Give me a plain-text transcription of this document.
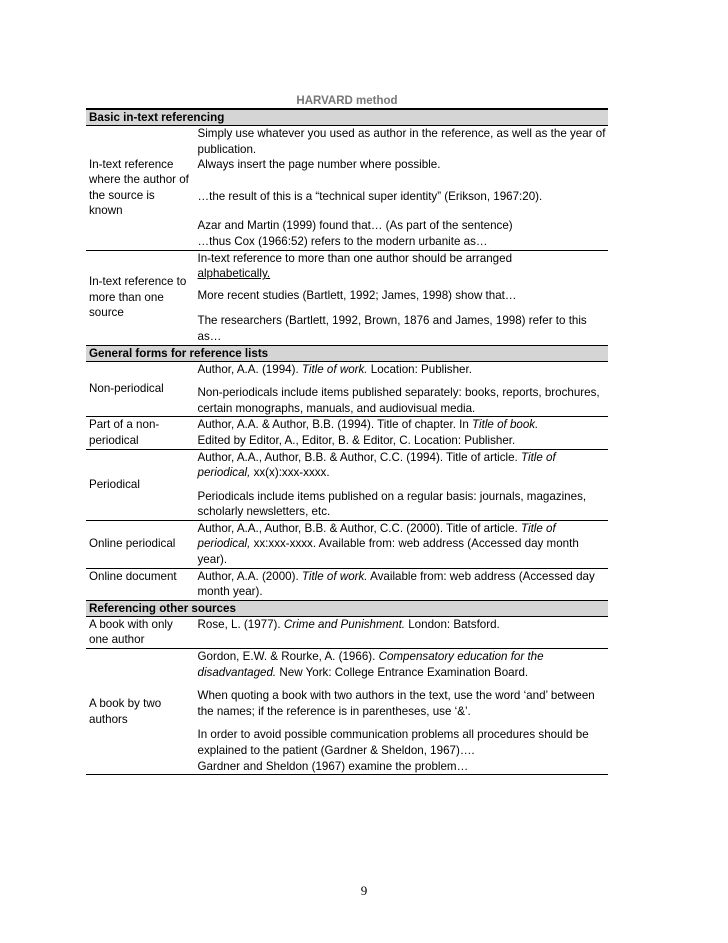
HARVARD method
Basic in-text referencing	
In-text reference where the author of the source is known	Simply use whatever you used as author in the reference, as well as the year of publication.

Always insert the page number where possible.

…the result of this is a “technical super identity” (Erikson, 1967:20).

Azar and Martin (1999) found that… (As part of the sentence)

…thus Cox (1966:52) refers to the modern urbanite as…

In-text reference to more than one source	In-text reference to more than one author should be arranged

alphabetically.

More recent studies (Bartlett, 1992; James, 1998) show that…

The researchers (Bartlett, 1992, Brown, 1876 and James, 1998) refer to this as…

General forms for reference lists	
Non-periodical	Author, A.A. (1994). Title of work. Location: Publisher.

Non-periodicals include items published separately: books, reports, brochures, certain monographs, manuals, and audiovisual media.

Part of a non-periodical	Author, A.A. & Author, B.B. (1994). Title of chapter. In Title of book.

Edited by Editor, A., Editor, B. & Editor, C. Location: Publisher.

Periodical	Author, A.A., Author, B.B. & Author, C.C. (1994). Title of article. Title of periodical, xx(x):xxx-xxxx.

Periodicals include items published on a regular basis: journals, magazines, scholarly newsletters, etc.

Online periodical	Author, A.A., Author, B.B. & Author, C.C. (2000). Title of article. Title of periodical, xx:xxx-xxxx. Available from: web address (Accessed day month year).

Online document	Author, A.A. (2000). Title of work. Available from: web address (Accessed day month year).

Referencing other sources	
A book with only one author	Rose, L. (1977). Crime and Punishment. London: Batsford.

A book by two authors	Gordon, E.W. & Rourke, A. (1966). Compensatory education for the disadvantaged. New York: College Entrance Examination Board.

When quoting a book with two authors in the text, use the word ‘and’ between the names; if the reference is in parentheses, use ‘&’.

In order to avoid possible communication problems all procedures should be explained to the patient (Gardner & Sheldon, 1967)….

Gardner and Sheldon (1967) examine the problem…

9
